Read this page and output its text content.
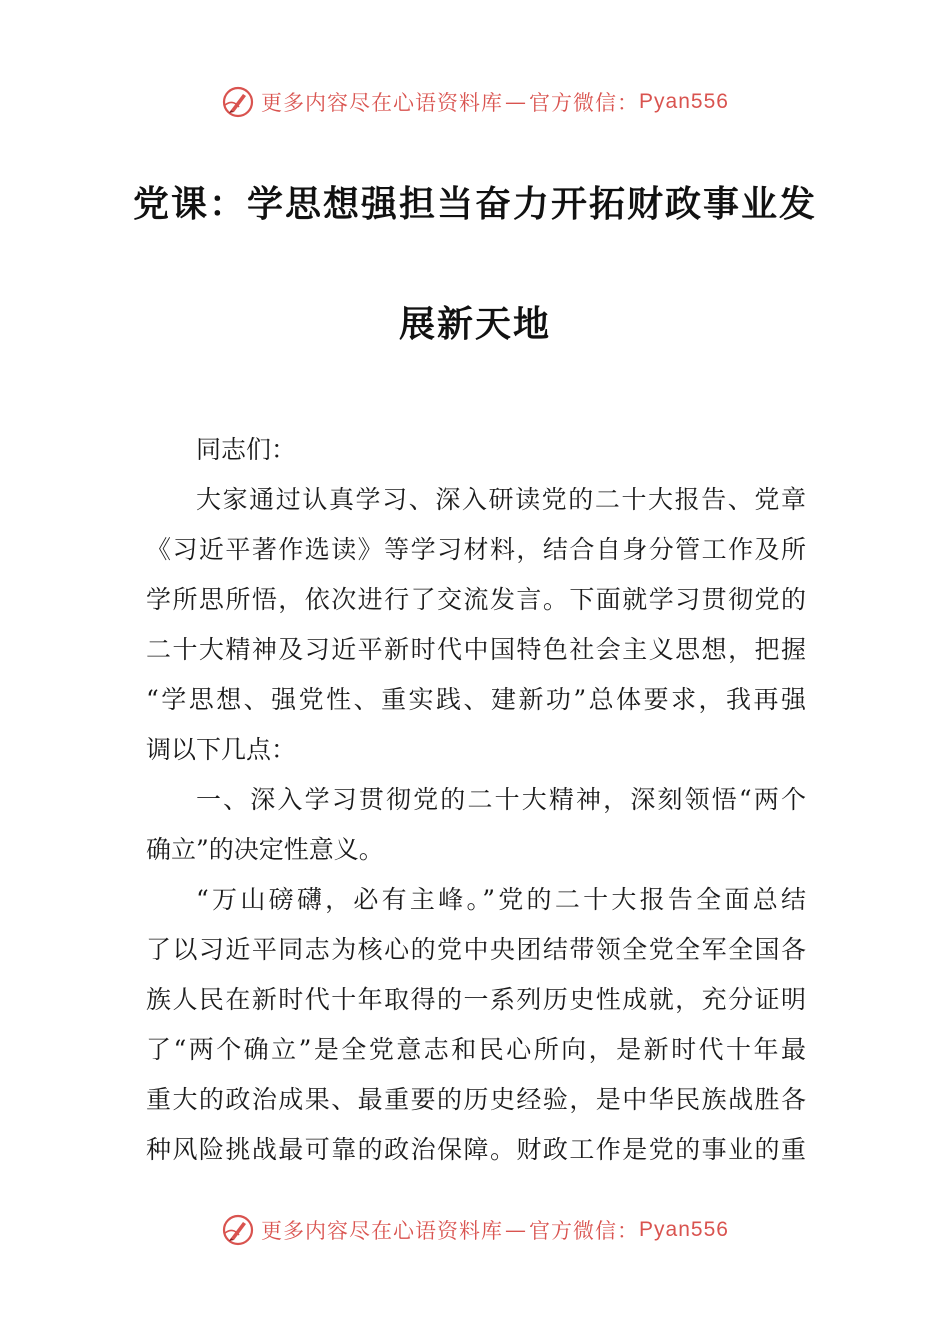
更多内容尽在心语资料库 — 官方微信： Pyan556
党课：学思想强担当奋力开拓财政事业发
展新天地
同志们：
大家通过认真学习、深入研读党的二十大报告、党章
《习近平著作选读》等学习材料，结合自身分管工作及所
学所思所悟，依次进行了交流发言。下面就学习贯彻党的
二十大精神及习近平新时代中国特色社会主义思想，把握
“学思想、强党性、重实践、建新功”总体要求，我再强
调以下几点：
一、深入学习贯彻党的二十大精神，深刻领悟“两个
确立”的决定性意义。
“万山磅礴，必有主峰。”党的二十大报告全面总结
了以习近平同志为核心的党中央团结带领全党全军全国各
族人民在新时代十年取得的一系列历史性成就，充分证明
了“两个确立”是全党意志和民心所向，是新时代十年最
重大的政治成果、最重要的历史经验，是中华民族战胜各
种风险挑战最可靠的政治保障。财政工作是党的事业的重
更多内容尽在心语资料库 — 官方微信： Pyan556
